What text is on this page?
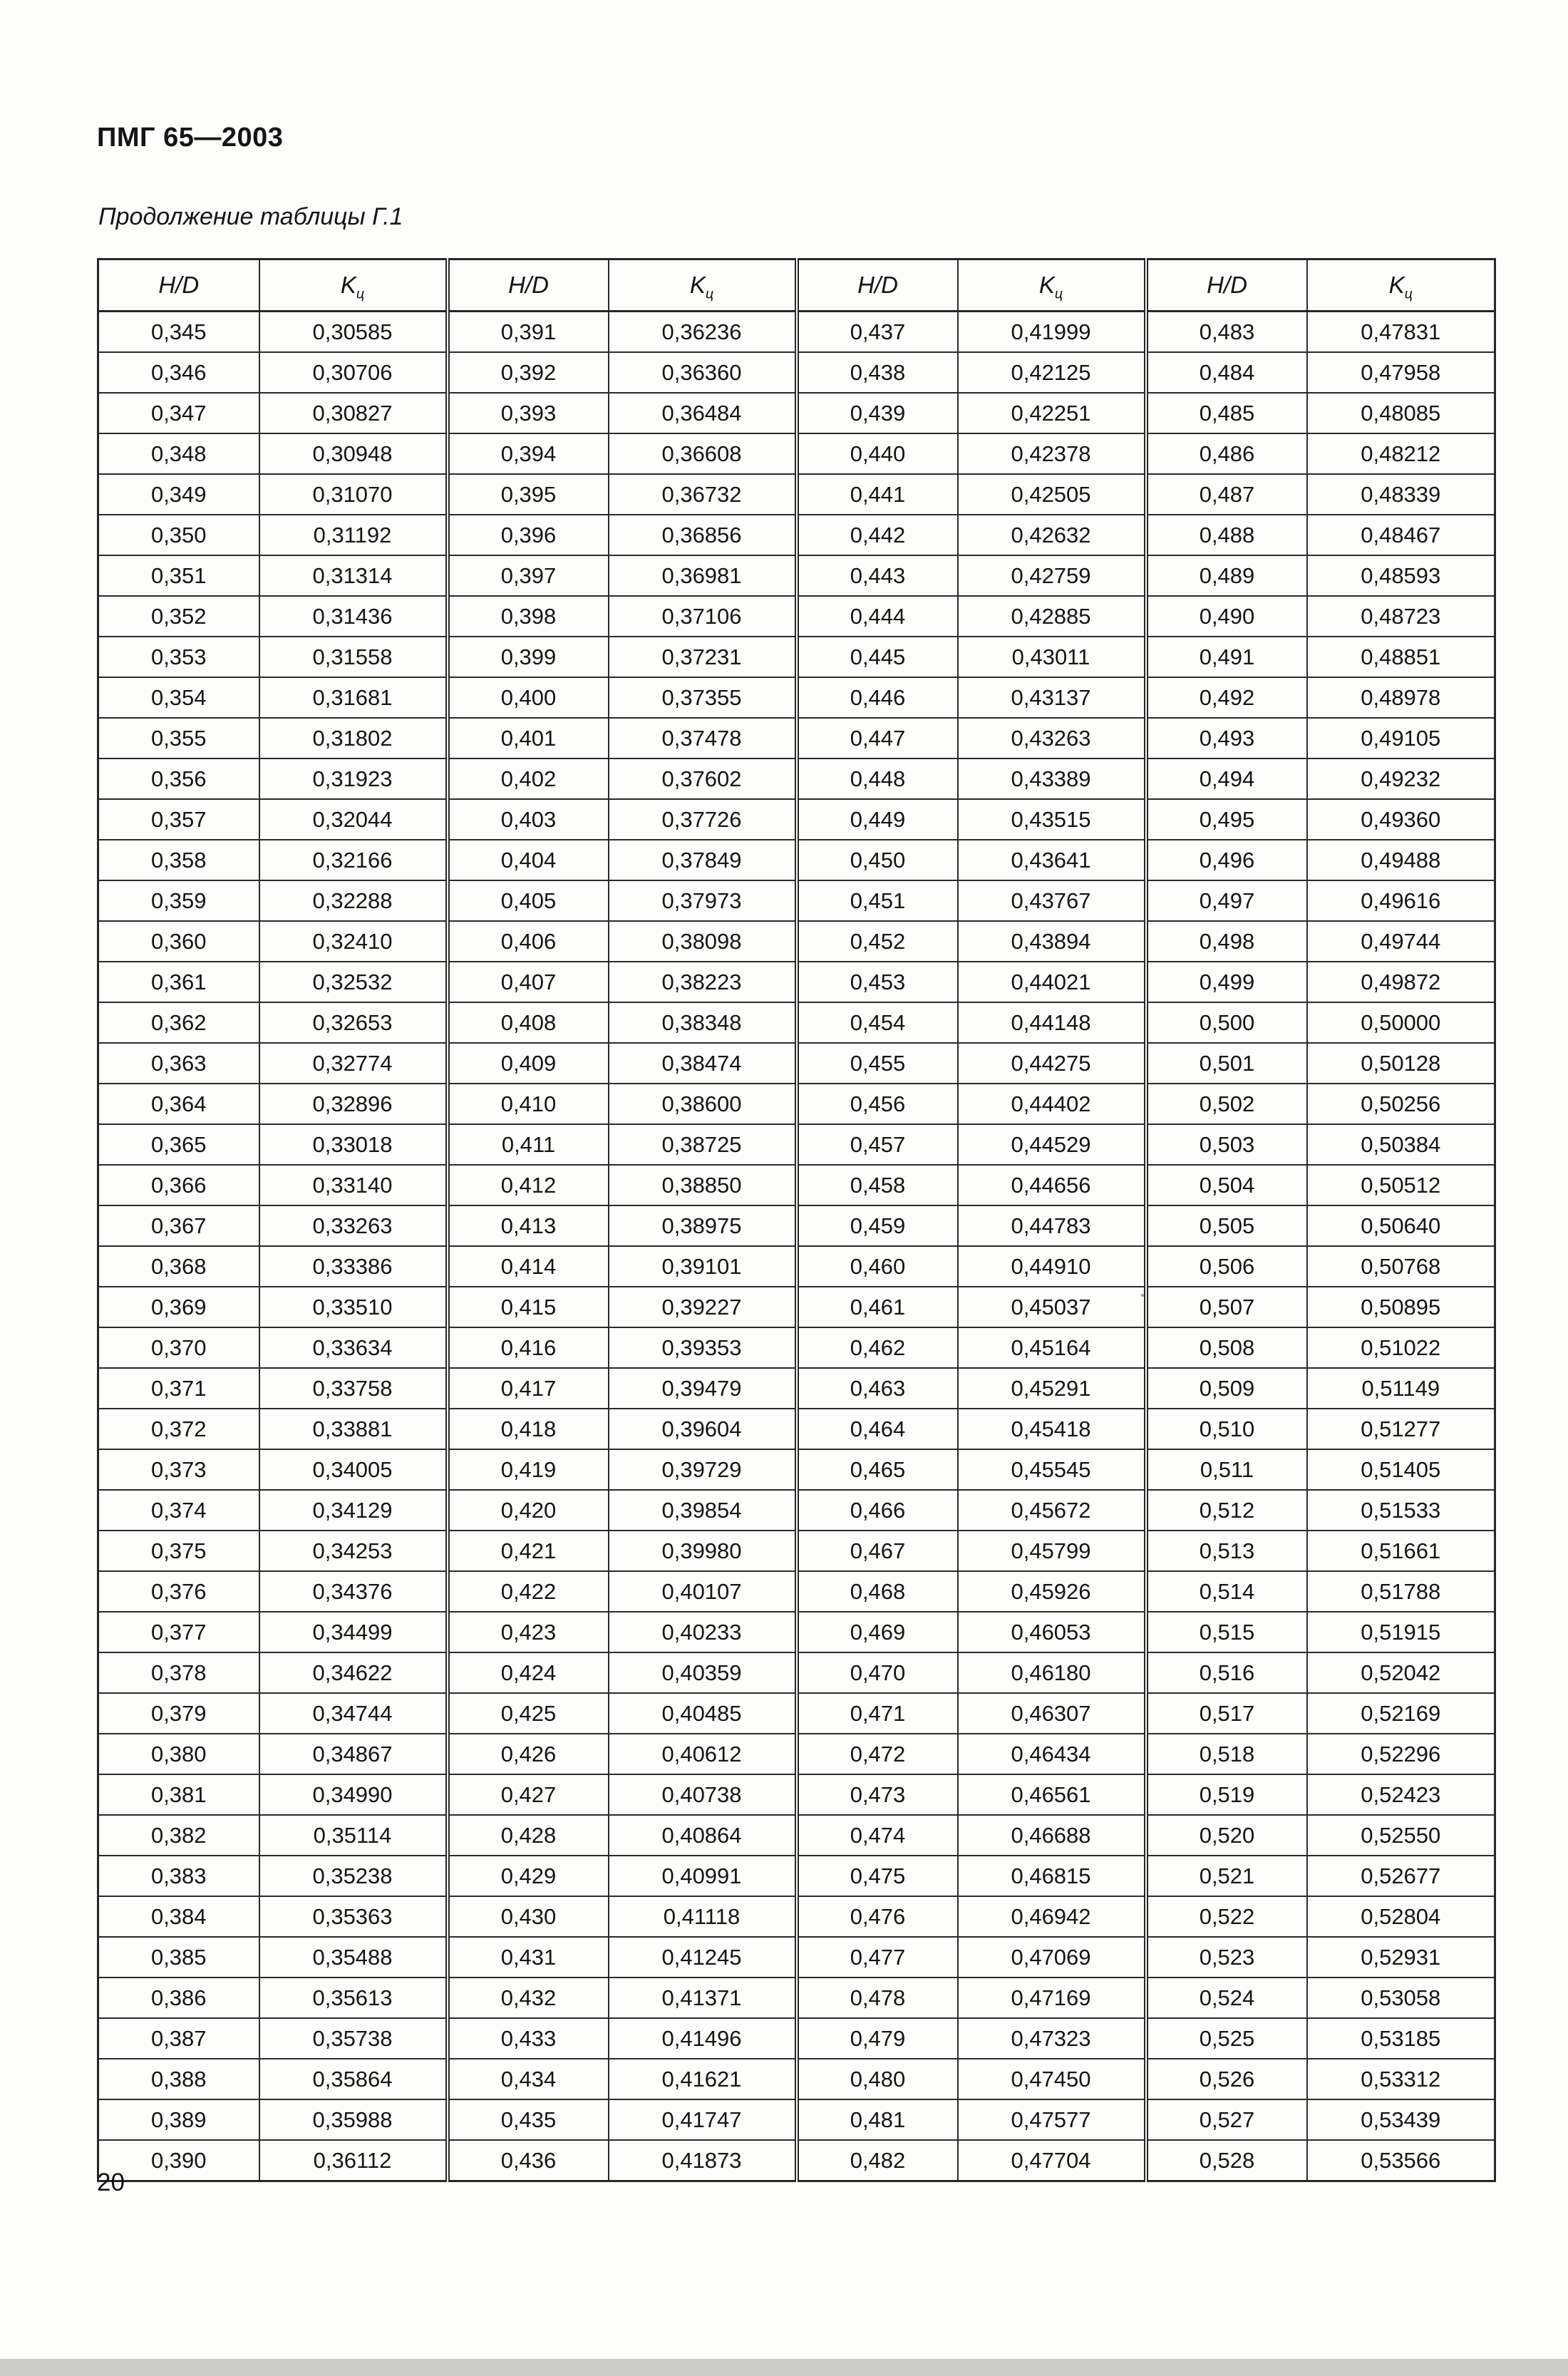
ПМГ 65—2003
Продолжение таблицы Г.1
H/D	$K_ц$	H/D	$K_ц$	H/D	$K_ц$	H/D	$K_ц$
0,345	0,30585	0,391	0,36236	0,437	0,41999	0,483	0,47831
0,346	0,30706	0,392	0,36360	0,438	0,42125	0,484	0,47958
0,347	0,30827	0,393	0,36484	0,439	0,42251	0,485	0,48085
0,348	0,30948	0,394	0,36608	0,440	0,42378	0,486	0,48212
0,349	0,31070	0,395	0,36732	0,441	0,42505	0,487	0,48339
0,350	0,31192	0,396	0,36856	0,442	0,42632	0,488	0,48467
0,351	0,31314	0,397	0,36981	0,443	0,42759	0,489	0,48593
0,352	0,31436	0,398	0,37106	0,444	0,42885	0,490	0,48723
0,353	0,31558	0,399	0,37231	0,445	0,43011	0,491	0,48851
0,354	0,31681	0,400	0,37355	0,446	0,43137	0,492	0,48978
0,355	0,31802	0,401	0,37478	0,447	0,43263	0,493	0,49105
0,356	0,31923	0,402	0,37602	0,448	0,43389	0,494	0,49232
0,357	0,32044	0,403	0,37726	0,449	0,43515	0,495	0,49360
0,358	0,32166	0,404	0,37849	0,450	0,43641	0,496	0,49488
0,359	0,32288	0,405	0,37973	0,451	0,43767	0,497	0,49616
0,360	0,32410	0,406	0,38098	0,452	0,43894	0,498	0,49744
0,361	0,32532	0,407	0,38223	0,453	0,44021	0,499	0,49872
0,362	0,32653	0,408	0,38348	0,454	0,44148	0,500	0,50000
0,363	0,32774	0,409	0,38474	0,455	0,44275	0,501	0,50128
0,364	0,32896	0,410	0,38600	0,456	0,44402	0,502	0,50256
0,365	0,33018	0,411	0,38725	0,457	0,44529	0,503	0,50384
0,366	0,33140	0,412	0,38850	0,458	0,44656	0,504	0,50512
0,367	0,33263	0,413	0,38975	0,459	0,44783	0,505	0,50640
0,368	0,33386	0,414	0,39101	0,460	0,44910	0,506	0,50768
0,369	0,33510	0,415	0,39227	0,461	0,45037	0,507	0,50895
0,370	0,33634	0,416	0,39353	0,462	0,45164	0,508	0,51022
0,371	0,33758	0,417	0,39479	0,463	0,45291	0,509	0,51149
0,372	0,33881	0,418	0,39604	0,464	0,45418	0,510	0,51277
0,373	0,34005	0,419	0,39729	0,465	0,45545	0,511	0,51405
0,374	0,34129	0,420	0,39854	0,466	0,45672	0,512	0,51533
0,375	0,34253	0,421	0,39980	0,467	0,45799	0,513	0,51661
0,376	0,34376	0,422	0,40107	0,468	0,45926	0,514	0,51788
0,377	0,34499	0,423	0,40233	0,469	0,46053	0,515	0,51915
0,378	0,34622	0,424	0,40359	0,470	0,46180	0,516	0,52042
0,379	0,34744	0,425	0,40485	0,471	0,46307	0,517	0,52169
0,380	0,34867	0,426	0,40612	0,472	0,46434	0,518	0,52296
0,381	0,34990	0,427	0,40738	0,473	0,46561	0,519	0,52423
0,382	0,35114	0,428	0,40864	0,474	0,46688	0,520	0,52550
0,383	0,35238	0,429	0,40991	0,475	0,46815	0,521	0,52677
0,384	0,35363	0,430	0,41118	0,476	0,46942	0,522	0,52804
0,385	0,35488	0,431	0,41245	0,477	0,47069	0,523	0,52931
0,386	0,35613	0,432	0,41371	0,478	0,47169	0,524	0,53058
0,387	0,35738	0,433	0,41496	0,479	0,47323	0,525	0,53185
0,388	0,35864	0,434	0,41621	0,480	0,47450	0,526	0,53312
0,389	0,35988	0,435	0,41747	0,481	0,47577	0,527	0,53439
0,390	0,36112	0,436	0,41873	0,482	0,47704	0,528	0,53566
20
